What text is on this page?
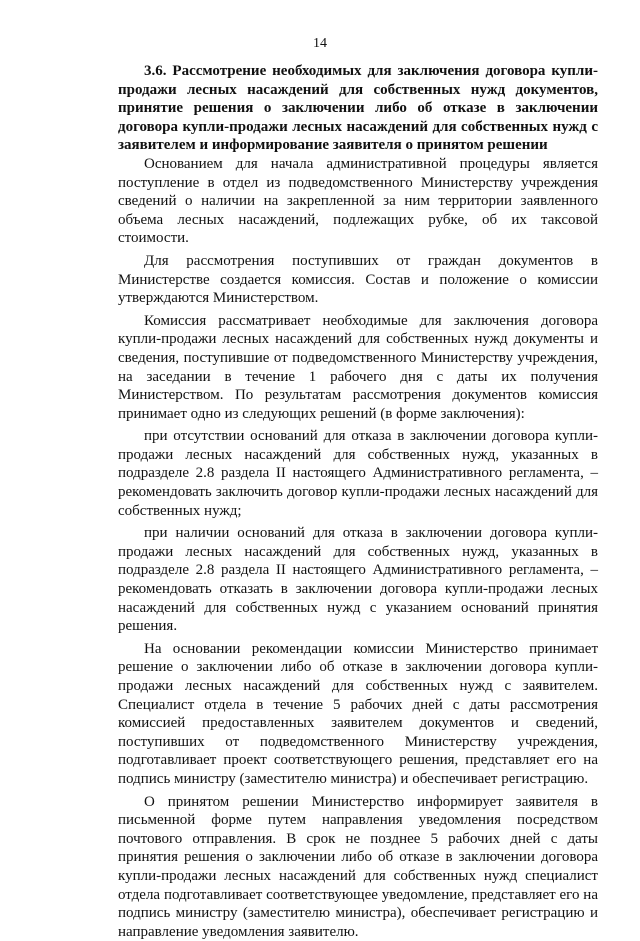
14

3.6. Рассмотрение необходимых для заключения договора купли-продажи лесных насаждений для собственных нужд документов, принятие решения о заключении либо об отказе в заключении договора купли-продажи лесных насаждений для собственных нужд с заявителем и информирование заявителя о принятом решении

Основанием для начала административной процедуры является поступление в отдел из подведомственного Министерству учреждения сведений о наличии на закрепленной за ним территории заявленного объема лесных насаждений, подлежащих рубке, об их таксовой стоимости.

Для рассмотрения поступивших от граждан документов в Министерстве создается комиссия. Состав и положение о комиссии утверждаются Министерством.

Комиссия рассматривает необходимые для заключения договора купли-продажи лесных насаждений для собственных нужд документы и сведения, поступившие от подведомственного Министерству учреждения, на заседании в течение 1 рабочего дня с даты их получения Министерством. По результатам рассмотрения документов комиссия принимает одно из следующих решений (в форме заключения):

при отсутствии оснований для отказа в заключении договора купли-продажи лесных насаждений для собственных нужд, указанных в подразделе 2.8 раздела II настоящего Административного регламента, – рекомендовать заключить договор купли-продажи лесных насаждений для собственных нужд;

при наличии оснований для отказа в заключении договора купли-продажи лесных насаждений для собственных нужд, указанных в подразделе 2.8 раздела II настоящего Административного регламента, – рекомендовать отказать в заключении договора купли-продажи лесных насаждений для собственных нужд с указанием оснований принятия решения.

На основании рекомендации комиссии Министерство принимает решение о заключении либо об отказе в заключении договора купли-продажи лесных насаждений для собственных нужд с заявителем. Специалист отдела в течение 5 рабочих дней с даты рассмотрения комиссией предоставленных заявителем документов и сведений, поступивших от подведомственного Министерству учреждения, подготавливает проект соответствующего решения, представляет его на подпись министру (заместителю министра) и обеспечивает регистрацию.

О принятом решении Министерство информирует заявителя в письменной форме путем направления уведомления посредством почтового отправления. В срок не позднее 5 рабочих дней с даты принятия решения о заключении либо об отказе в заключении договора купли-продажи лесных насаждений для собственных нужд специалист отдела подготавливает соответствующее уведомление, представляет его на подпись министру (заместителю министра), обеспечивает регистрацию и направление уведомления заявителю.
